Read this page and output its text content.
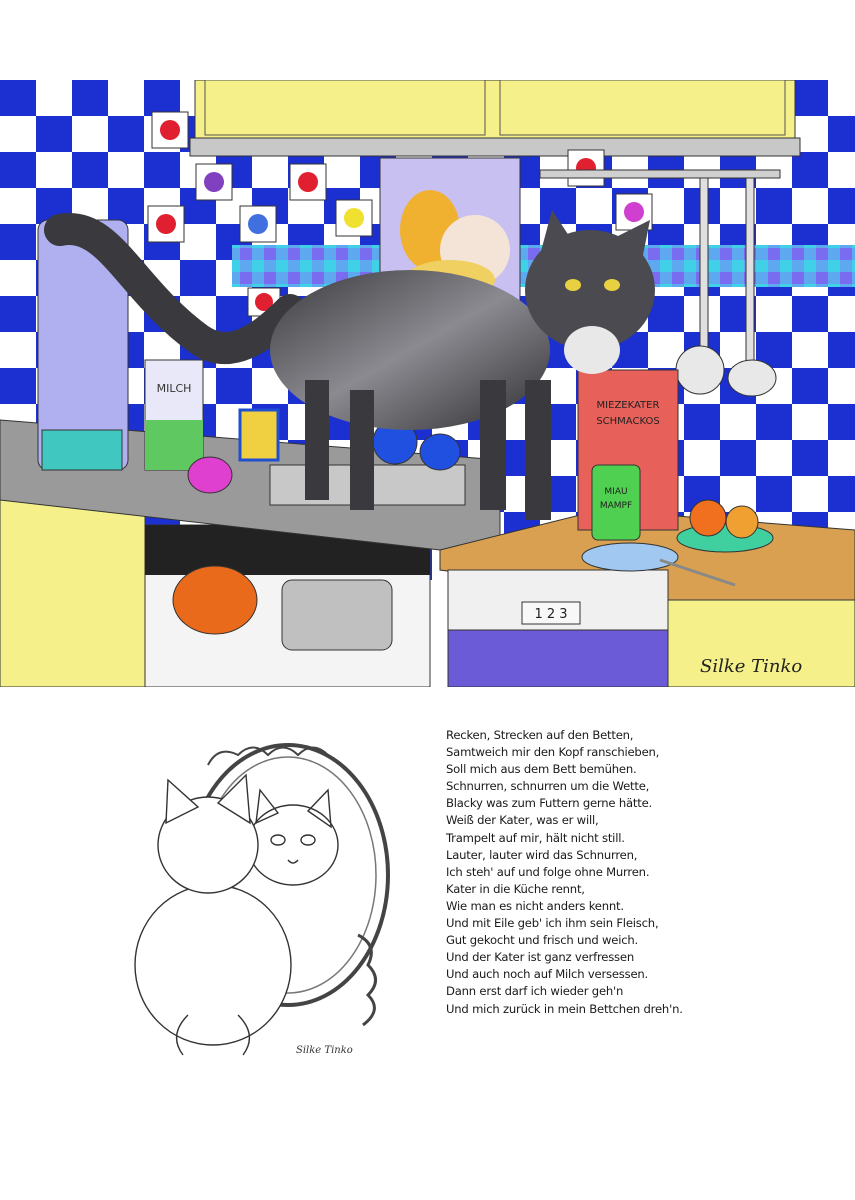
1 2 3
MILCH
MIEZEKATER
SCHMACKOS
MIAU
MAMPF
Silke Tinko
Silke Tinko
Recken, Strecken auf den Betten,
Samtweich mir den Kopf ranschieben,
Soll mich aus dem Bett bemühen.
Schnurren, schnurren um die Wette,
Blacky was zum Futtern gerne hätte.
Weiß der Kater, was er will,
Trampelt auf mir, hält nicht still.
Lauter, lauter wird das Schnurren,
Ich steh' auf und folge ohne Murren.
Kater in die Küche rennt,
Wie man es nicht anders kennt.
Und mit Eile geb' ich ihm sein Fleisch,
Gut gekocht und frisch und weich.
Und der Kater ist ganz verfressen
Und auch noch auf Milch versessen.
Dann erst darf ich wieder geh'n
Und mich zurück in mein Bettchen dreh'n.
